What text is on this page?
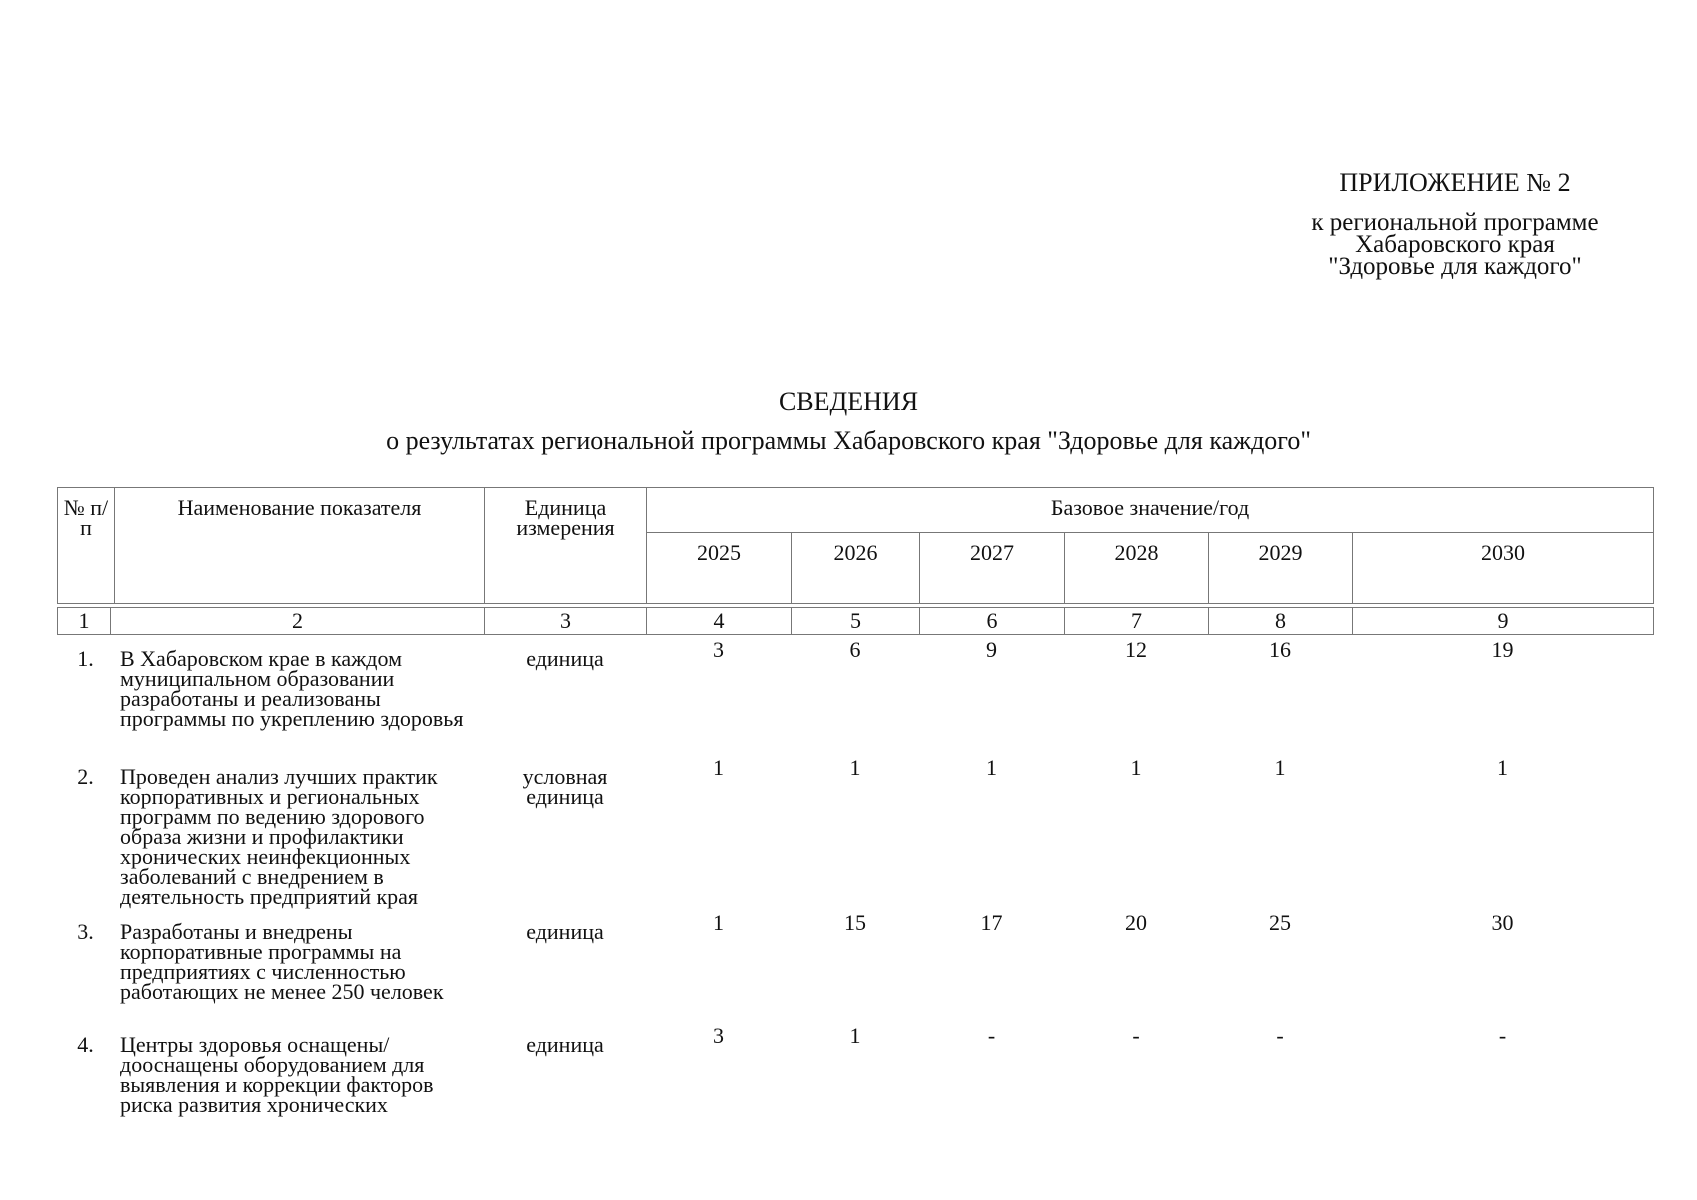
ПРИЛОЖЕНИЕ № 2
к региональной программе
Хабаровского края
"Здоровье для каждого"
СВЕДЕНИЯ
о результатах региональной программы Хабаровского края "Здоровье для каждого"
№ п/п	Наименование показателя	Единица измерения	Базовое значение/год					
			2025	2026	2027	2028	2029	2030
1	2	3	4	5	6	7	8	9
1.	В Хабаровском крае в каждом муниципальном образовании разработаны и реализованы программы по укреплению здоровья	единица	3	6	9	12	16	19
2.	Проведен анализ лучших практик корпоративных и региональных программ по ведению здорового образа жизни и профилактики хронических неинфекционных заболеваний с внедрением в деятельность предприятий края	условная единица	1	1	1	1	1	1
3.	Разработаны и внедрены корпоративные программы на предприятиях с численностью работающих не менее 250 человек	единица	1	15	17	20	25	30
4.	Центры здоровья оснащены/дооснащены оборудованием для выявления и коррекции факторов риска развития хронических	единица	3	1	-	-	-	-
